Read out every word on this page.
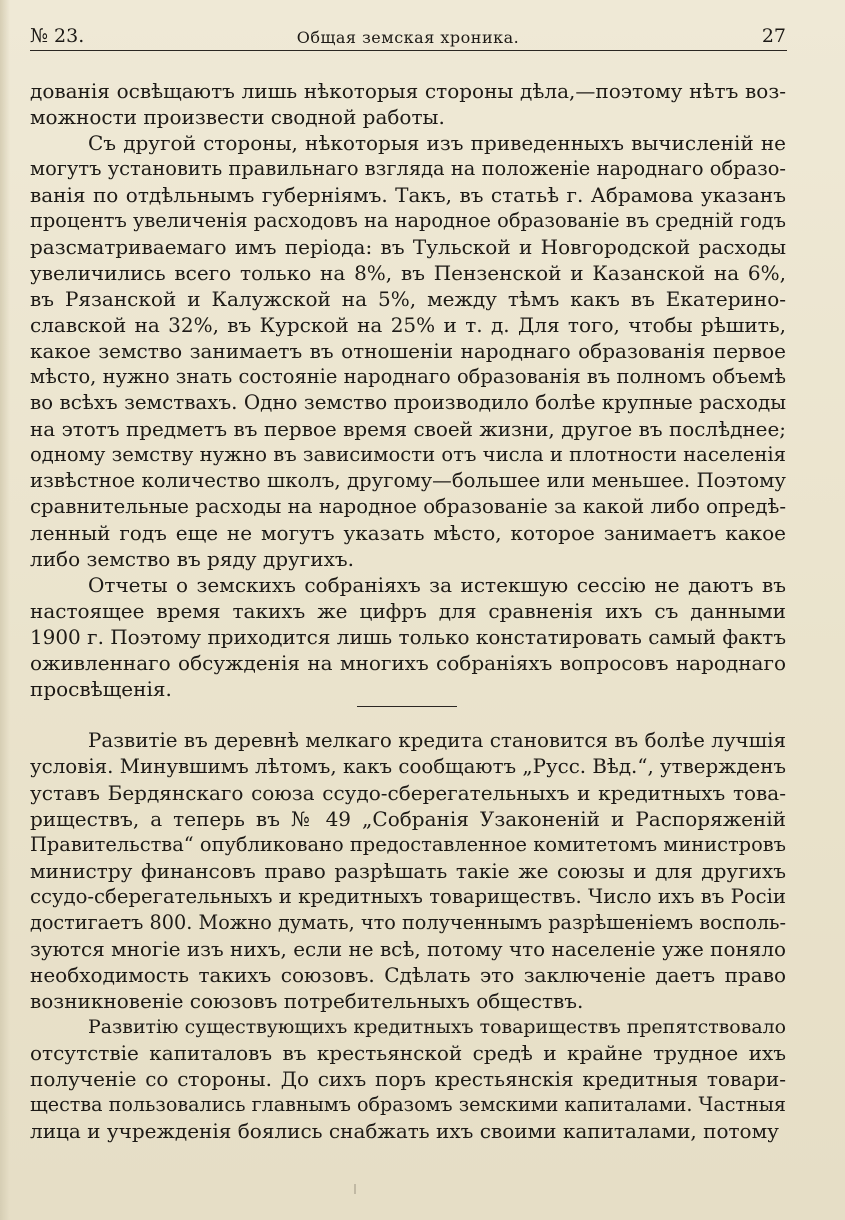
№ 23.	Общая земская хроника.	27
дованія освѣщаютъ лишь нѣкоторыя стороны дѣла,—поэтому нѣтъ воз-
можности произвести сводной работы.
Съ другой стороны, нѣкоторыя изъ приведенныхъ вычисленій не
могутъ установить правильнаго взгляда на положеніе народнаго образо-
ванія по отдѣльнымъ губерніямъ. Такъ, въ статьѣ г. Абрамова указанъ
процентъ увеличенія расходовъ на народное образованіе въ средній годъ
разсматриваемаго имъ періода: въ Тульской и Новгородской расходы
увеличились всего только на 8%, въ Пензенской и Казанской на 6%,
въ Рязанской и Калужской на 5%, между тѣмъ какъ въ Екатерино-
славской на 32%, въ Курской на 25% и т. д. Для того, чтобы рѣшить,
какое земство занимаетъ въ отношеніи народнаго образованія первое
мѣсто, нужно знать состояніе народнаго образованія въ полномъ объемѣ
во всѣхъ земствахъ. Одно земство производило болѣе крупные расходы
на этотъ предметъ въ первое время своей жизни, другое въ послѣднее;
одному земству нужно въ зависимости отъ числа и плотности населенія
извѣстное количество школъ, другому—большее или меньшее. Поэтому
сравнительные расходы на народное образованіе за какой либо опредѣ-
ленный годъ еще не могутъ указать мѣсто, которое занимаетъ какое
либо земство въ ряду другихъ.
Отчеты о земскихъ собраніяхъ за истекшую сессію не даютъ въ
настоящее время такихъ же цифръ для сравненія ихъ съ данными
1900 г. Поэтому приходится лишь только констатировать самый фактъ
оживленнаго обсужденія на многихъ собраніяхъ вопросовъ народнаго
просвѣщенія.
Развитіе въ деревнѣ мелкаго кредита становится въ болѣе лучшія
условія. Минувшимъ лѣтомъ, какъ сообщаютъ „Русс. Вѣд.“, утвержденъ
уставъ Бердянскаго союза ссудо-сберегательныхъ и кредитныхъ това-
риществъ, а теперь въ № 49 „Собранія Узаконеній и Распоряженій
Правительства“ опубликовано предоставленное комитетомъ министровъ
министру финансовъ право разрѣшать такіе же союзы и для другихъ
ссудо-сберегательныхъ и кредитныхъ товариществъ. Число ихъ въ Росіи
достигаетъ 800. Можно думать, что полученнымъ разрѣшеніемъ восполь-
зуются многіе изъ нихъ, если не всѣ, потому что населеніе уже поняло
необходимость такихъ союзовъ. Сдѣлать это заключеніе даетъ право
возникновеніе союзовъ потребительныхъ обществъ.
Развитію существующихъ кредитныхъ товариществъ препятствовало
отсутствіе капиталовъ въ крестьянской средѣ и крайне трудное ихъ
полученіе со стороны. До сихъ поръ крестьянскія кредитныя товари-
щества пользовались главнымъ образомъ земскими капиталами. Частныя
лица и учрежденія боялись снабжать ихъ своими капиталами, потому
